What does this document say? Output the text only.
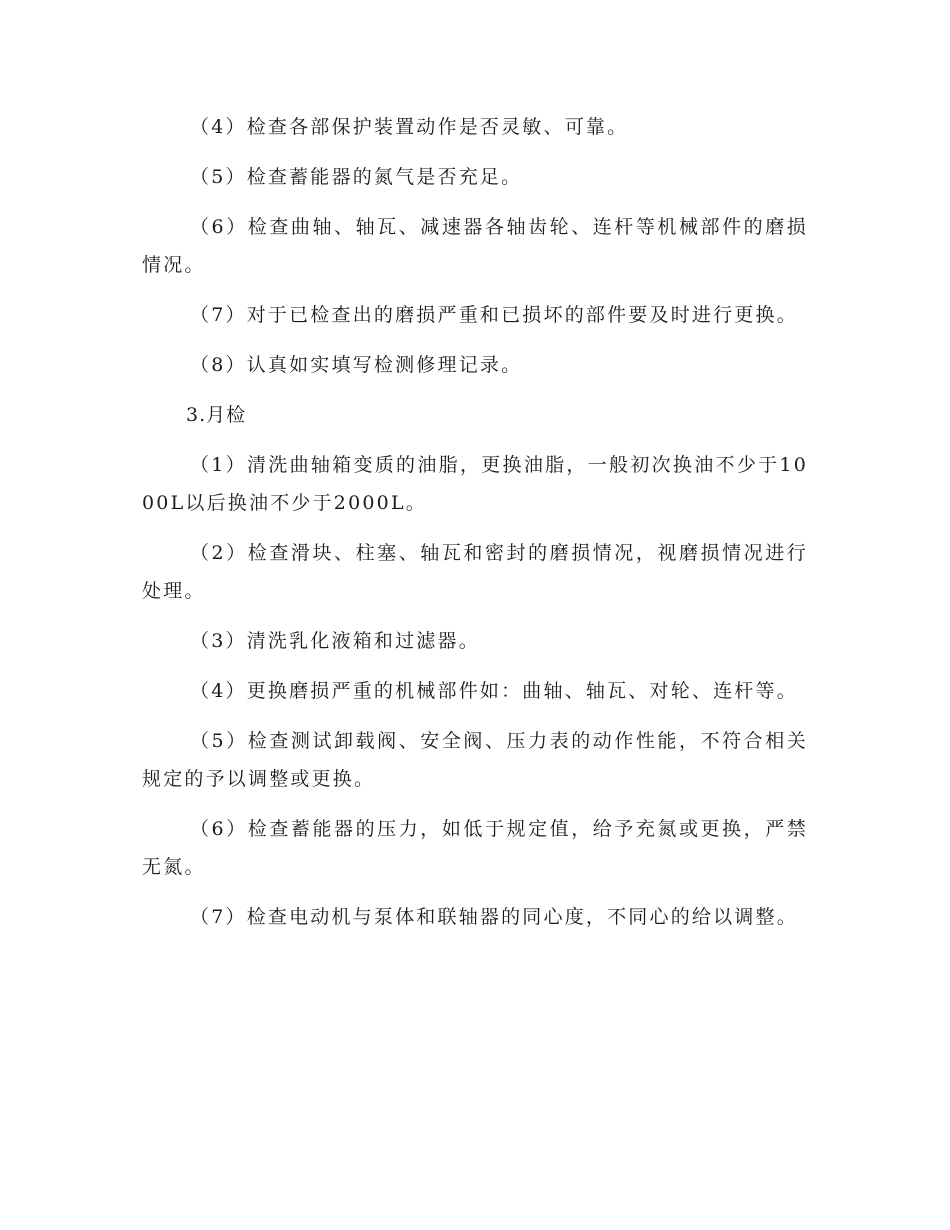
（4）检查各部保护装置动作是否灵敏、可靠。

（5）检查蓄能器的氮气是否充足。

（6）检查曲轴、轴瓦、减速器各轴齿轮、连杆等机械部件的磨损情况。

（7）对于已检查出的磨损严重和已损坏的部件要及时进行更换。

（8）认真如实填写检测修理记录。

3.月检

（1）清洗曲轴箱变质的油脂，更换油脂，一般初次换油不少于1000L以后换油不少于2000L。

（2）检查滑块、柱塞、轴瓦和密封的磨损情况，视磨损情况进行处理。

（3）清洗乳化液箱和过滤器。

（4）更换磨损严重的机械部件如：曲轴、轴瓦、对轮、连杆等。

（5）检查测试卸载阀、安全阀、压力表的动作性能，不符合相关规定的予以调整或更换。

（6）检查蓄能器的压力，如低于规定值，给予充氮或更换，严禁无氮。

（7）检查电动机与泵体和联轴器的同心度，不同心的给以调整。
